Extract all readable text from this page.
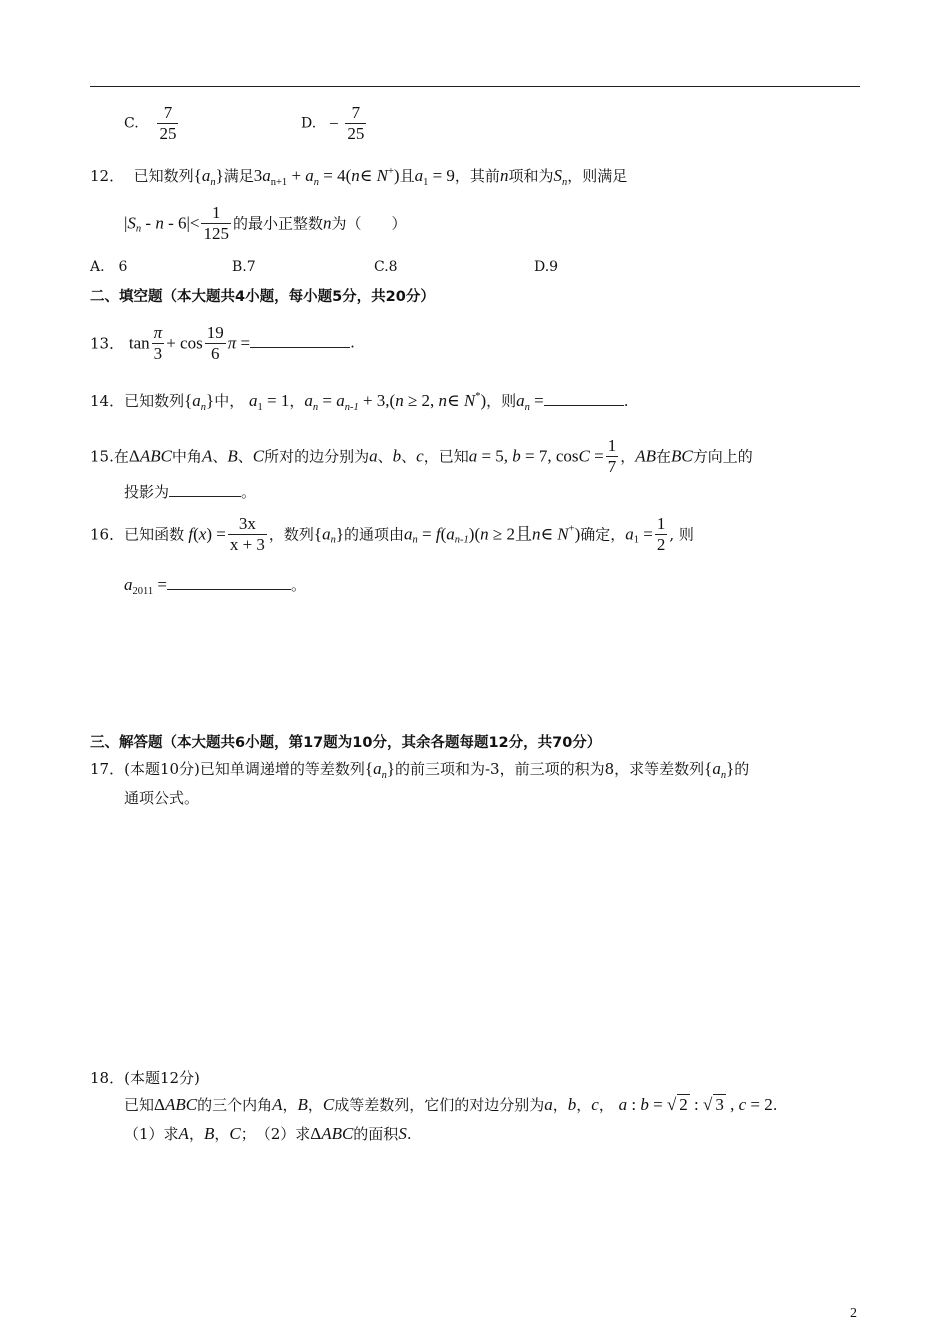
C. $\frac{7}{25}$	D. − $\frac{7}{25}$
12． 已知数列$\{a_n\}$满足$3a_{n+1} + a_n$ = 4(n∈ N+)且$a_1 = 9$，其前n项和为$S_n$，则满足
$|S_n - n - 6|< \frac{1}{125}$ 的最小正整数n为（　　）
A.　6	B.7	C.8	D.9
二、填空题（本大题共4小题，每小题5分，共20分）
13． $\tan \frac{\pi}{3} + \cos \frac{19}{6}$ π =	.
14．已知数列$\{a_n\}$中， $a_1 = 1$，$a_n = a_{n-1} + 3,(n \ge 2$, n∈ N*)，则$a_n$ =	.
15.在ΔABC中角A、B、C所对的边分别为a、b、c，已知a = 5, b = 7, $\cos C = \frac{1}{7}$ ，AB在BC方向上的
投影为	。
16．已知函数 $f(x) = \frac{3x}{x + 3}$ ，数列$\{a_n\}$的通项由$a_n = f(a_{n-1})(n \ge 2$且n∈ N+)确定，$a_1 = \frac{1}{2}$ , 则
$a_{2011}$ =	。
三、解答题（本大题共6小题，第17题为10分，其余各题每题12分，共70分）
17．(本题10分)已知单调递增的等差数列$\{a_n\}$的前三项和为-3，前三项的积为8，求等差数列$\{a_n\}$的
通项公式。
18．(本题12分)
已知ΔABC的三个内角A，B，C成等差数列，它们的对边分别为a，b，c， a : b = √ 2 : √ 3 , c = 2.
（1）求A，B，C；　（2）求ΔABC的面积S.
2
